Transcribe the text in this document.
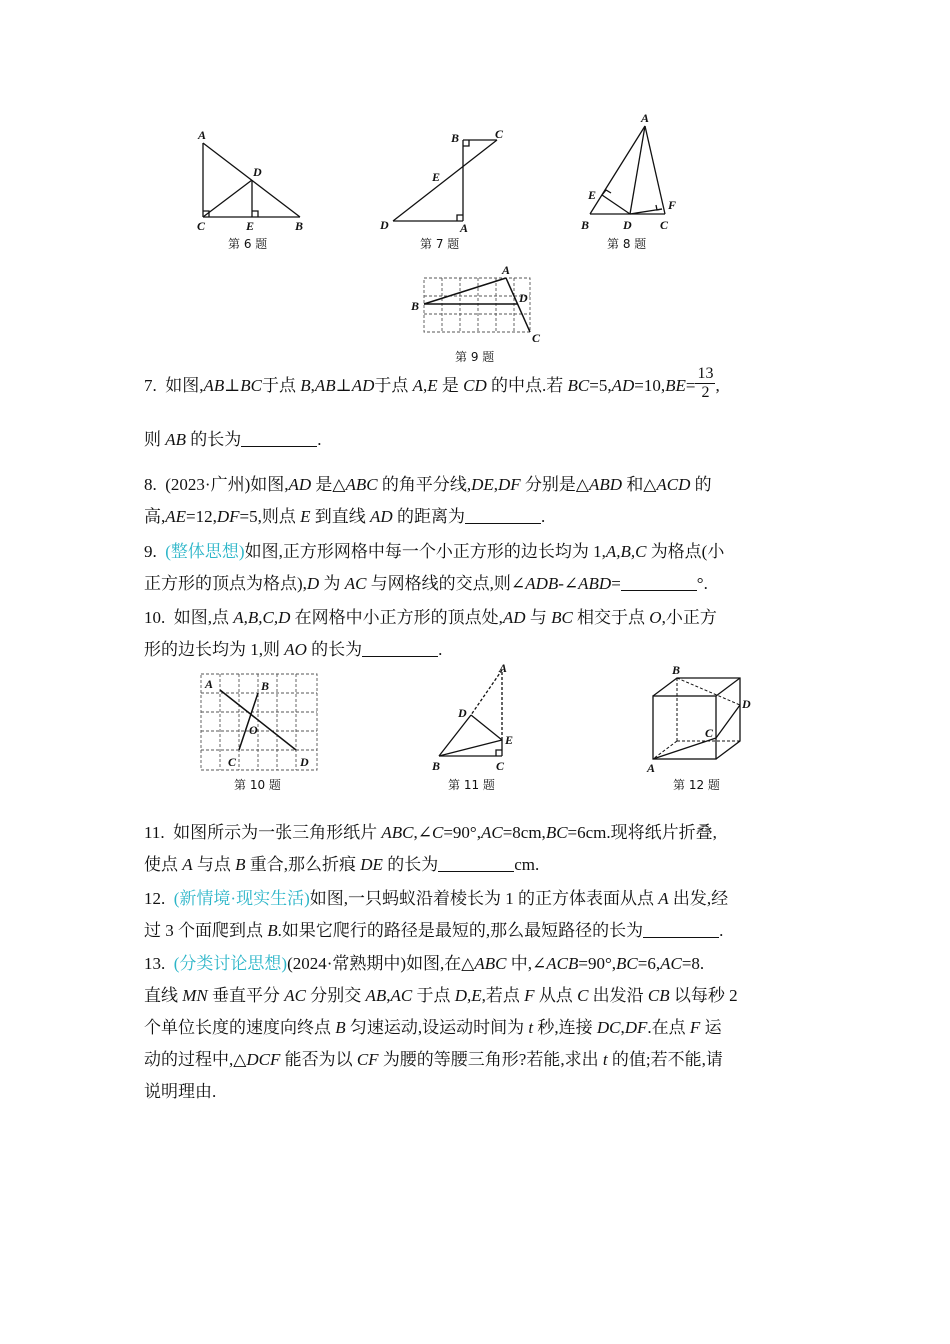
A
D
C	E	B
第 6 题
B	C
E
D	A
第 7 题
A
E
F
B	D C
第 8 题
A
B
D
C
第 9 题
7. 如图,AB⊥BC于点 B,AB⊥AD于点 A,E 是 CD 的中点.若 $BC=5,AD=10,BE= \frac{13}{2}$ ,
则 AB 的长为	.
8. (2023·广州)如图,AD 是△ABC 的角平分线,DE,DF 分别是△ABD 和△ACD 的
高,AE=12,DF=5,则点 E 到直线 AD 的距离为	.
9. (整体思想)如图,正方形网格中每一个小正方形的边长均为 1,A,B,C 为格点(小
正方形的顶点为格点),D 为 AC 与网格线的交点,则∠ADB-∠ABD=	°.
10. 如图,点 A,B,C,D 在网格中小正方形的顶点处,AD 与 BC 相交于点 O,小正方
形的边长均为 1,则 AO 的长为	.
A	B
O
C	D
第 10 题
A
D
E
B	C
第 11 题
B
D
C
A
第 12 题
11. 如图所示为一张三角形纸片 ABC,∠C=90°,AC=8cm,BC=6cm.现将纸片折叠,
使点 A 与点 B 重合,那么折痕 DE 的长为	cm.
12. (新情境·现实生活)如图,一只蚂蚁沿着棱长为 1 的正方体表面从点 A 出发,经
过 3 个面爬到点 B.如果它爬行的路径是最短的,那么最短路径的长为	.
13. (分类讨论思想)(2024·常熟期中)如图,在△ABC 中,∠ACB=90°,BC=6,AC=8.
直线 MN 垂直平分 AC 分别交 AB,AC 于点 D,E,若点 F 从点 C 出发沿 CB 以每秒 2
个单位长度的速度向终点 B 匀速运动,设运动时间为 t 秒,连接 DC,DF.在点 F 运
动的过程中,△DCF 能否为以 CF 为腰的等腰三角形?若能,求出 t 的值;若不能,请
说明理由.
